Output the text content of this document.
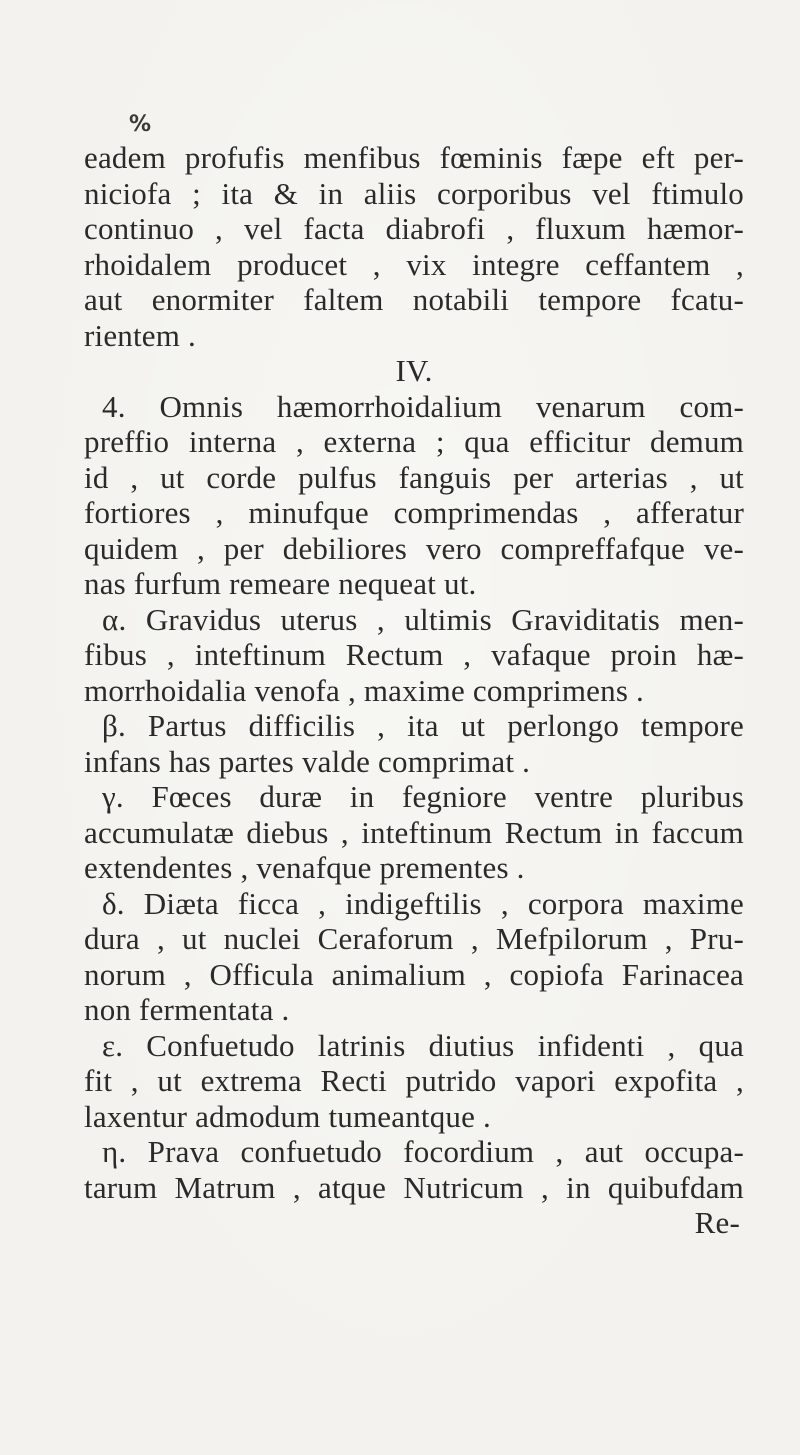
%
eadem profufis menfibus fœminis fæpe eft per-
niciofa ; ita & in aliis corporibus vel ftimulo
continuo , vel facta diabrofi , fluxum hæmor-
rhoidalem producet , vix integre ceffantem ,
aut enormiter faltem notabili tempore fcatu-
rientem .
IV.
4. Omnis hæmorrhoidalium venarum com-
preffio interna , externa ; qua efficitur demum
id , ut corde pulfus fanguis per arterias , ut
fortiores , minufque comprimendas , afferatur
quidem , per debiliores vero compreffafque ve-
nas furfum remeare nequeat ut.
α. Gravidus uterus , ultimis Graviditatis men-
fibus , inteftinum Rectum , vafaque proin hæ-
morrhoidalia venofa , maxime comprimens .
β. Partus difficilis , ita ut perlongo tempore
infans has partes valde comprimat .
γ. Fœces duræ in fegniore ventre pluribus
accumulatæ diebus , inteftinum Rectum in faccum
extendentes , venafque prementes .
δ. Diæta ficca , indigeftilis , corpora maxime
dura , ut nuclei Ceraforum , Mefpilorum , Pru-
norum , Officula animalium , copiofa Farinacea
non fermentata .
ε. Confuetudo latrinis diutius infidenti , qua
fit , ut extrema Recti putrido vapori expofita ,
laxentur admodum tumeantque .
η. Prava confuetudo focordium , aut occupa-
tarum Matrum , atque Nutricum , in quibufdam
Re-
